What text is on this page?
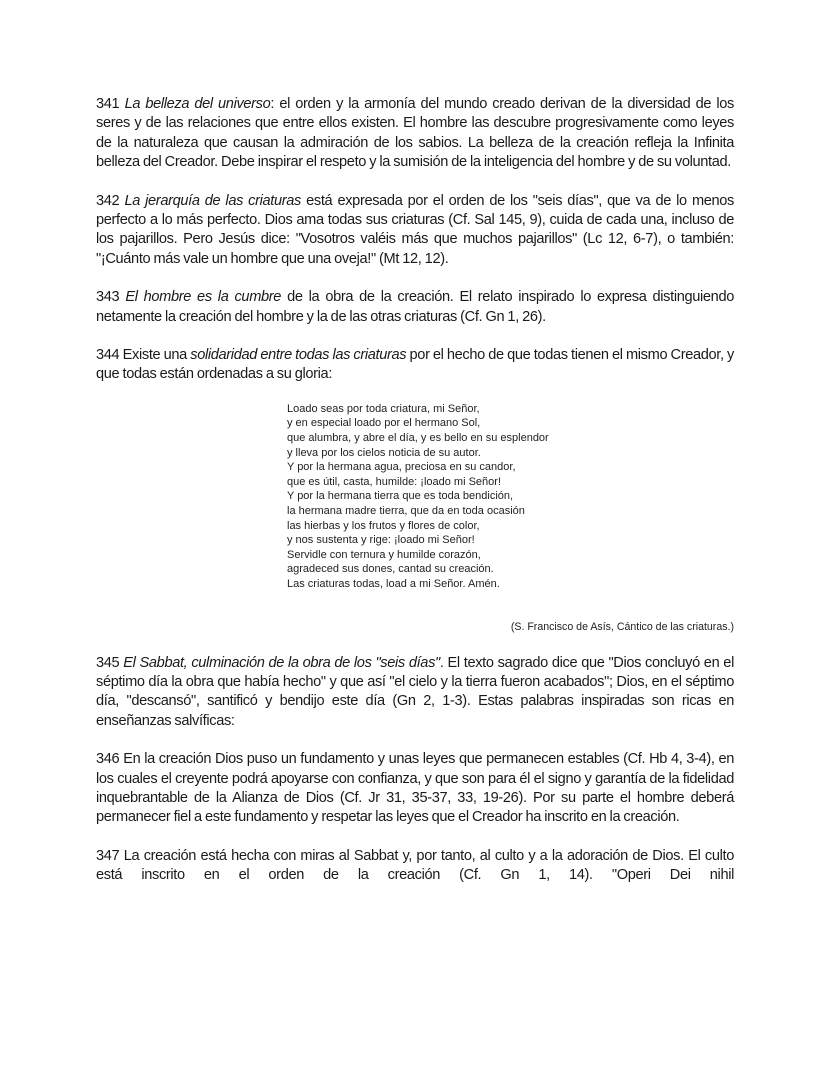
341 La belleza del universo: el orden y la armonía del mundo creado derivan de la diversidad de los seres y de las relaciones que entre ellos existen. El hombre las descubre progresivamente como leyes de la naturaleza que causan la admiración de los sabios. La belleza de la creación refleja la Infinita belleza del Creador. Debe inspirar el respeto y la sumisión de la inteligencia del hombre y de su voluntad.

342 La jerarquía de las criaturas está expresada por el orden de los "seis días", que va de lo menos perfecto a lo más perfecto. Dios ama todas sus criaturas (Cf. Sal 145, 9), cuida de cada una, incluso de los pajarillos. Pero Jesús dice: "Vosotros valéis más que muchos pajarillos" (Lc 12, 6-7), o también: "¡Cuánto más vale un hombre que una oveja!" (Mt 12, 12).

343 El hombre es la cumbre de la obra de la creación. El relato inspirado lo expresa distinguiendo netamente la creación del hombre y la de las otras criaturas (Cf. Gn 1, 26).

344 Existe una solidaridad entre todas las criaturas por el hecho de que todas tienen el mismo Creador, y que todas están ordenadas a su gloria:

Loado seas por toda criatura, mi Señor,
y en especial loado por el hermano Sol,
que alumbra, y abre el día, y es bello en su esplendor
y lleva por los cielos noticia de su autor.
Y por la hermana agua, preciosa en su candor,
que es útil, casta, humilde: ¡loado mi Señor!
Y por la hermana tierra que es toda bendición,
la hermana madre tierra, que da en toda ocasión
las hierbas y los frutos y flores de color,
y nos sustenta y rige: ¡loado mi Señor!
Servidle con ternura y humilde corazón,
agradeced sus dones, cantad su creación.
Las criaturas todas, load a mi Señor. Amén.
(S. Francisco de Asís, Cántico de las criaturas.)

345 El Sabbat, culminación de la obra de los "seis días". El texto sagrado dice que "Dios concluyó en el séptimo día la obra que había hecho" y que así "el cielo y la tierra fueron acabados"; Dios, en el séptimo día, "descansó", santificó y bendijo este día (Gn 2, 1-3). Estas palabras inspiradas son ricas en enseñanzas salvíficas:

346 En la creación Dios puso un fundamento y unas leyes que permanecen estables (Cf. Hb 4, 3-4), en los cuales el creyente podrá apoyarse con confianza, y que son para él el signo y garantía de la fidelidad inquebrantable de la Alianza de Dios (Cf. Jr 31, 35-37, 33, 19-26). Por su parte el hombre deberá permanecer fiel a este fundamento y respetar las leyes que el Creador ha inscrito en la creación.

347 La creación está hecha con miras al Sabbat y, por tanto, al culto y a la adoración de Dios. El culto está inscrito en el orden de la creación (Cf. Gn 1, 14). "Operi Dei nihil
